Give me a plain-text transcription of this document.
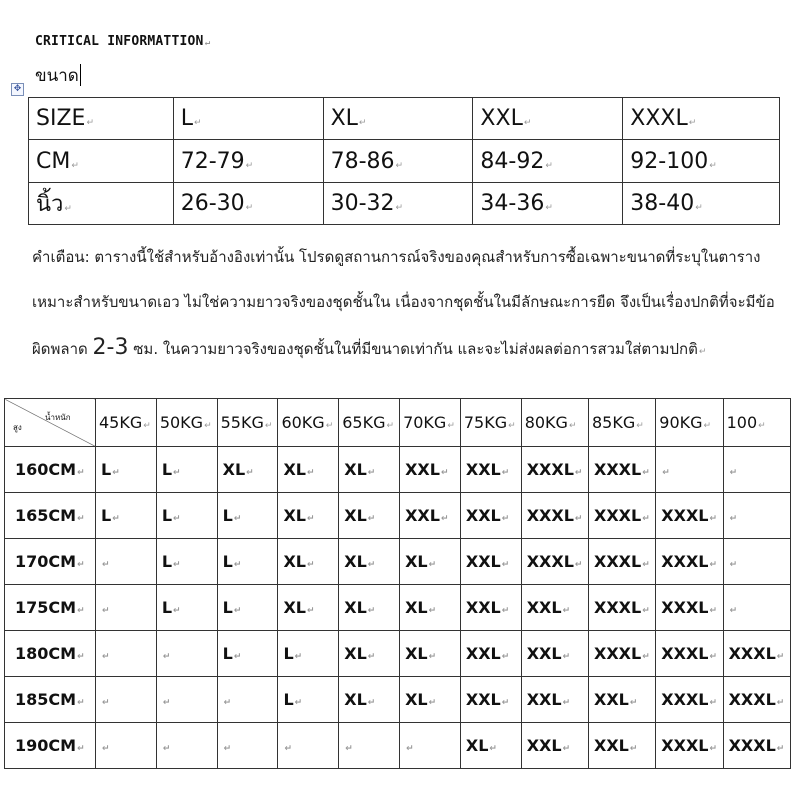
CRITICAL INFORMATTION↵
ขนาด
✥
SIZE↵	L↵	XL↵	XXL↵	XXXL↵
CM↵	72-79↵	78-86↵	84-92↵	92-100↵
นิ้ว↵	26-30↵	30-32↵	34-36↵	38-40↵
คำเตือน: ตารางนี้ใช้สำหรับอ้างอิงเท่านั้น โปรดดูสถานการณ์จริงของคุณสำหรับการซื้อเฉพาะขนาดที่ระบุในตารางเหมาะสำหรับขนาดเอว ไม่ใช่ความยาวจริงของชุดชั้นใน เนื่องจากชุดชั้นในมีลักษณะการยืด จึงเป็นเรื่องปกติที่จะมีข้อผิดพลาด 2-3 ซม. ในความยาวจริงของชุดชั้นในที่มีขนาดเท่ากัน และจะไม่ส่งผลต่อการสวมใส่ตามปกติ↵
สูง
น้ำหนัก	45KG↵	50KG↵	55KG↵	60KG↵	65KG↵	70KG↵	75KG↵	80KG↵	85KG↵	90KG↵	100↵
160CM↵	L↵	L↵	XL↵	XL↵	XL↵	XXL↵	XXL↵	XXXL↵	XXXL↵	↵	↵
165CM↵	L↵	L↵	L↵	XL↵	XL↵	XXL↵	XXL↵	XXXL↵	XXXL↵	XXXL↵	↵
170CM↵	↵	L↵	L↵	XL↵	XL↵	XL↵	XXL↵	XXXL↵	XXXL↵	XXXL↵	↵
175CM↵	↵	L↵	L↵	XL↵	XL↵	XL↵	XXL↵	XXL↵	XXXL↵	XXXL↵	↵
180CM↵	↵	↵	L↵	L↵	XL↵	XL↵	XXL↵	XXL↵	XXXL↵	XXXL↵	XXXL↵
185CM↵	↵	↵	↵	L↵	XL↵	XL↵	XXL↵	XXL↵	XXL↵	XXXL↵	XXXL↵
190CM↵	↵	↵	↵	↵	↵	↵	XL↵	XXL↵	XXL↵	XXXL↵	XXXL↵
